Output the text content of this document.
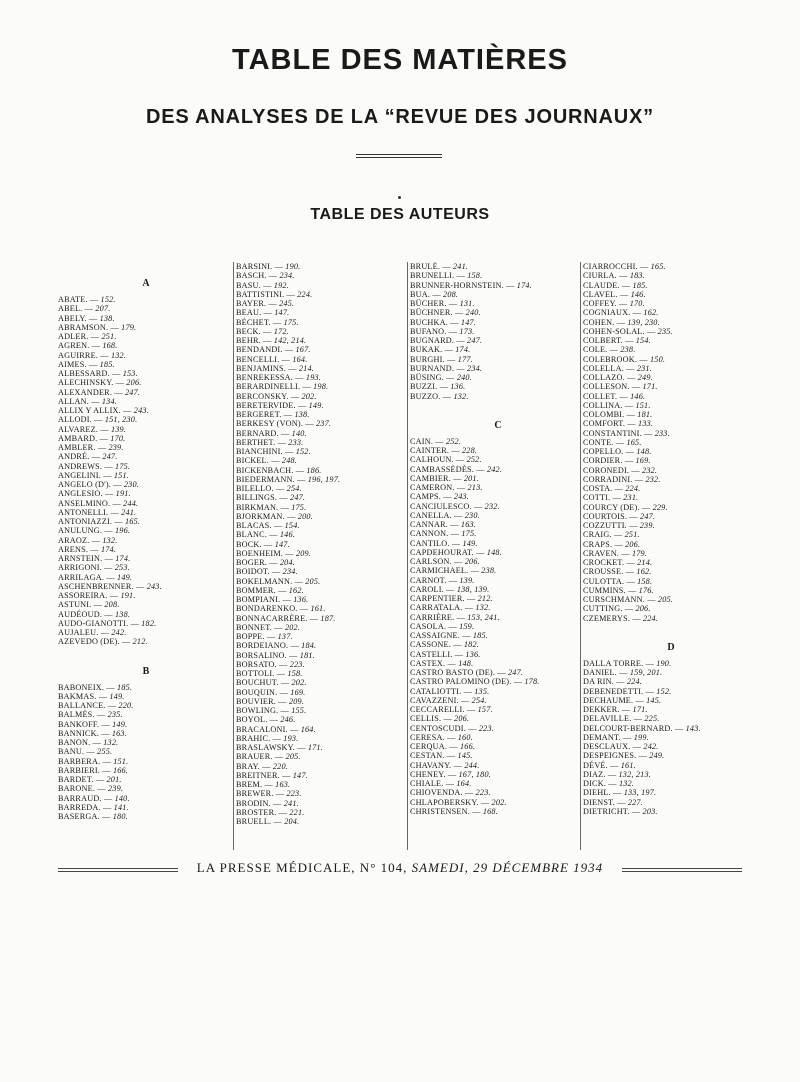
TABLE DES MATIÈRES
DES ANALYSES DE LA “REVUE DES JOURNAUX”
TABLE DES AUTEURS
A
ABATE. — 152.
ABEL. — 207.
ABELY. — 138.
ABRAMSON. — 179.
ADLER. — 251.
AGREN. — 168.
AGUIRRE. — 132.
AIMES. — 185.
ALBESSARD. — 153.
ALECHINSKY. — 206.
ALEXANDER. — 247.
ALLAN. — 134.
ALLIX Y ALLIX. — 243.
ALLODI. — 151, 230.
ALVAREZ. — 139.
AMBARD. — 170.
AMBLER. — 239.
ANDRÉ. — 247.
ANDREWS. — 175.
ANGELINI. — 151.
ANGELO (D'). — 230.
ANGLESIO. — 191.
ANSELMINO. — 244.
ANTONELLI. — 241.
ANTONIAZZI. — 165.
ANULUNG. — 196.
ARAOZ. — 132.
ARENS. — 174.
ARNSTEIN. — 174.
ARRIGONI. — 253.
ARRILAGA. — 149.
ASCHENBRENNER. — 243.
ASSOREIRA. — 191.
ASTUNI. — 208.
AUDÉOUD. — 138.
AUDO-GIANOTTI. — 182.
AUJALEU. — 242.
AZEVEDO (DE). — 212.
B
BABONEIX. — 185.
BAKMAS. — 149.
BALLANCE. — 220.
BALMÈS. — 235.
BANKOFF. — 149.
BANNICK. — 163.
BANON. — 132.
BANU. — 255.
BARBERA. — 151.
BARBIERI. — 166.
BARDET. — 201.
BARONE. — 239.
BARRAUD. — 140.
BARREDA. — 141.
BASERGA. — 180.
BARSINI. — 190.
BASCH. — 234.
BASU. — 192.
BATTISTINI. — 224.
BAYER. — 245.
BEAU. — 147.
BÉCHET. — 175.
BECK. — 172.
BEHR. — 142, 214.
BENDANDI. — 167.
BENCELLI. — 164.
BENJAMINS. — 214.
BENREKESSA. — 193.
BERARDINELLI. — 198.
BERCONSKY. — 202.
BERETERVIDE. — 149.
BERGERET. — 138.
BERKESY (VON). — 237.
BERNARD. — 140.
BERTHET. — 233.
BIANCHINI. — 152.
BICKEL. — 248.
BICKENBACH. — 186.
BIEDERMANN. — 196, 197.
BILELLO. — 254.
BILLINGS. — 247.
BIRKMAN. — 175.
BJORKMAN. — 200.
BLACAS. — 154.
BLANC. — 146.
BOCK. — 147.
BOENHEIM. — 209.
BOGER. — 204.
BOIDOT. — 234.
BOKELMANN. — 205.
BOMMER. — 162.
BOMPIANI. — 136.
BONDARENKO. — 161.
BONNACARRÈRE. — 187.
BONNET. — 202.
BOPPE. — 137.
BORDEIANO. — 184.
BORSALINO. — 181.
BORSATO. — 223.
BOTTOLI. — 158.
BOUCHUT. — 202.
BOUQUIN. — 169.
BOUVIER. — 209.
BOWLING. — 155.
BOYOL. — 246.
BRACALONI. — 164.
BRAHIC. — 193.
BRASLAWSKY. — 171.
BRAUER. — 205.
BRAY. — 220.
BREITNER. — 147.
BREM. — 163.
BREWER. — 223.
BRODIN. — 241.
BROSTER. — 221.
BRUELL. — 204.
BRULÉ. — 241.
BRUNELLI. — 158.
BRUNNER-HORNSTEIN. — 174.
BUA. — 208.
BÜCHER. — 131.
BÜCHNER. — 240.
BUCHKA. — 147.
BUFANO. — 173.
BUGNARD. — 247.
BUKAK. — 174.
BURGHI. — 177.
BURNAND. — 234.
BÜSING. — 240.
BUZZI. — 136.
BUZZO. — 132.
C
CAIN. — 252.
CAINTER. — 228.
CALHOUN. — 252.
CAMBASSÈDÈS. — 242.
CAMBIER. — 201.
CAMERON. — 213.
CAMPS. — 243.
CANCIULESCO. — 232.
CANELLA. — 230.
CANNAR. — 163.
CANNON. — 175.
CANTILO. — 149.
CAPDEHOURAT. — 148.
CARLSON. — 206.
CARMICHAEL. — 238.
CARNOT. — 139.
CAROLI. — 138, 139.
CARPENTIER. — 212.
CARRATALA. — 132.
CARRIÈRE. — 153, 241.
CASOLA. — 159.
CASSAIGNE. — 185.
CASSONE. — 182.
CASTELLI. — 136.
CASTEX. — 148.
CASTRO BASTO (DE). — 247.
CASTRO PALOMINO (DE). — 178.
CATALIOTTI. — 135.
CAVAZZENI. — 254.
CECCARELLI. — 157.
CELLIS. — 206.
CENTOSCUDI. — 223.
CERESA. — 160.
CERQUA. — 166.
CESTAN. — 145.
CHAVANY. — 244.
CHENEY. — 167, 180.
CHIALE. — 164.
CHIOVENDA. — 223.
CHLAPOBERSKY. — 202.
CHRISTENSEN. — 168.
CIARROCCHI. — 165.
CIURLA. — 183.
CLAUDE. — 185.
CLAVEL. — 146.
COFFEY. — 170.
COGNIAUX. — 162.
COHEN. — 139, 230.
COHEN-SOLAL. — 235.
COLBERT. — 154.
COLE. — 238.
COLEBROOK. — 150.
COLELLA. — 231.
COLLAZO. — 249.
COLLESON. — 171.
COLLET. — 146.
COLLINA. — 151.
COLOMBI. — 181.
COMFORT. — 133.
CONSTANTINI. — 233.
CONTE. — 165.
COPELLO. — 148.
CORDIER. — 169.
CORONEDI. — 232.
CORRADINI. — 232.
COSTA. — 224.
COTTI. — 231.
COURCY (DE). — 229.
COURTOIS. — 247.
COZZUTTI. — 239.
CRAIG. — 251.
CRAPS. — 206.
CRAVEN. — 179.
CROCKET. — 214.
CROUSSE. — 162.
CULOTTA. — 158.
CUMMINS. — 176.
CURSCHMANN. — 205.
CUTTING. — 206.
CZEMERYS. — 224.
D
DALLA TORRE. — 190.
DANIEL. — 159, 201.
DA RIN. — 224.
DEBENEDETTI. — 152.
DECHAUME. — 145.
DEKKER. — 171.
DELAVILLE. — 225.
DELCOURT-BERNARD. — 143.
DEMANT. — 199.
DESCLAUX. — 242.
DESPEIGNES. — 249.
DÉVÉ. — 161.
DIAZ. — 132, 213.
DICK. — 132.
DIEHL. — 133, 197.
DIENST. — 227.
DIETRICHT. — 203.

LA PRESSE MÉDICALE, N° 104, SAMEDI, 29 DÉCEMBRE 1934
